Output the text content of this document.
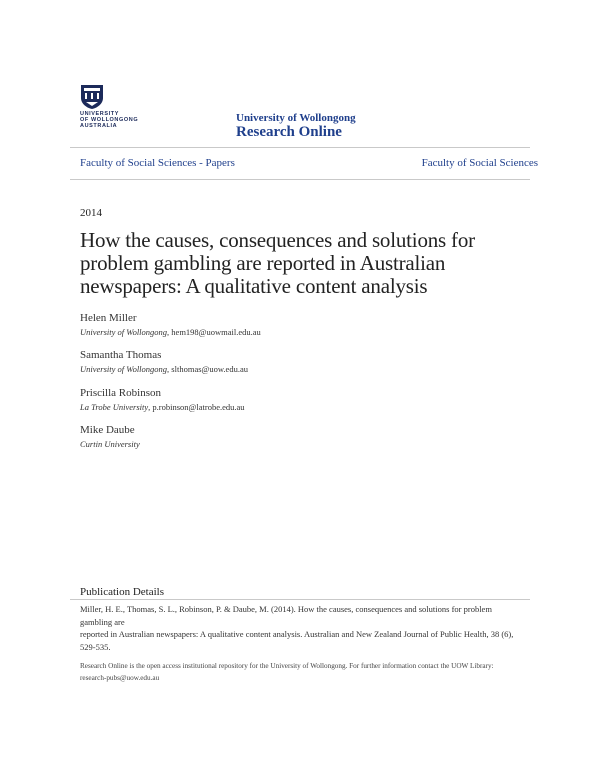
UNIVERSITY
OF WOLLONGONG
AUSTRALIA
University of Wollongong
Research Online
Faculty of Social Sciences - Papers	Faculty of Social Sciences
2014
How the causes, consequences and solutions for
problem gambling are reported in Australian
newspapers: A qualitative content analysis
Helen Miller
University of Wollongong, hem198@uowmail.edu.au
Samantha Thomas
University of Wollongong, slthomas@uow.edu.au
Priscilla Robinson
La Trobe University, p.robinson@latrobe.edu.au
Mike Daube
Curtin University
Publication Details
Miller, H. E., Thomas, S. L., Robinson, P. & Daube, M. (2014). How the causes, consequences and solutions for problem gambling are
reported in Australian newspapers: A qualitative content analysis. Australian and New Zealand Journal of Public Health, 38 (6),
529-535.
Research Online is the open access institutional repository for the University of Wollongong. For further information contact the UOW Library:
research-pubs@uow.edu.au
